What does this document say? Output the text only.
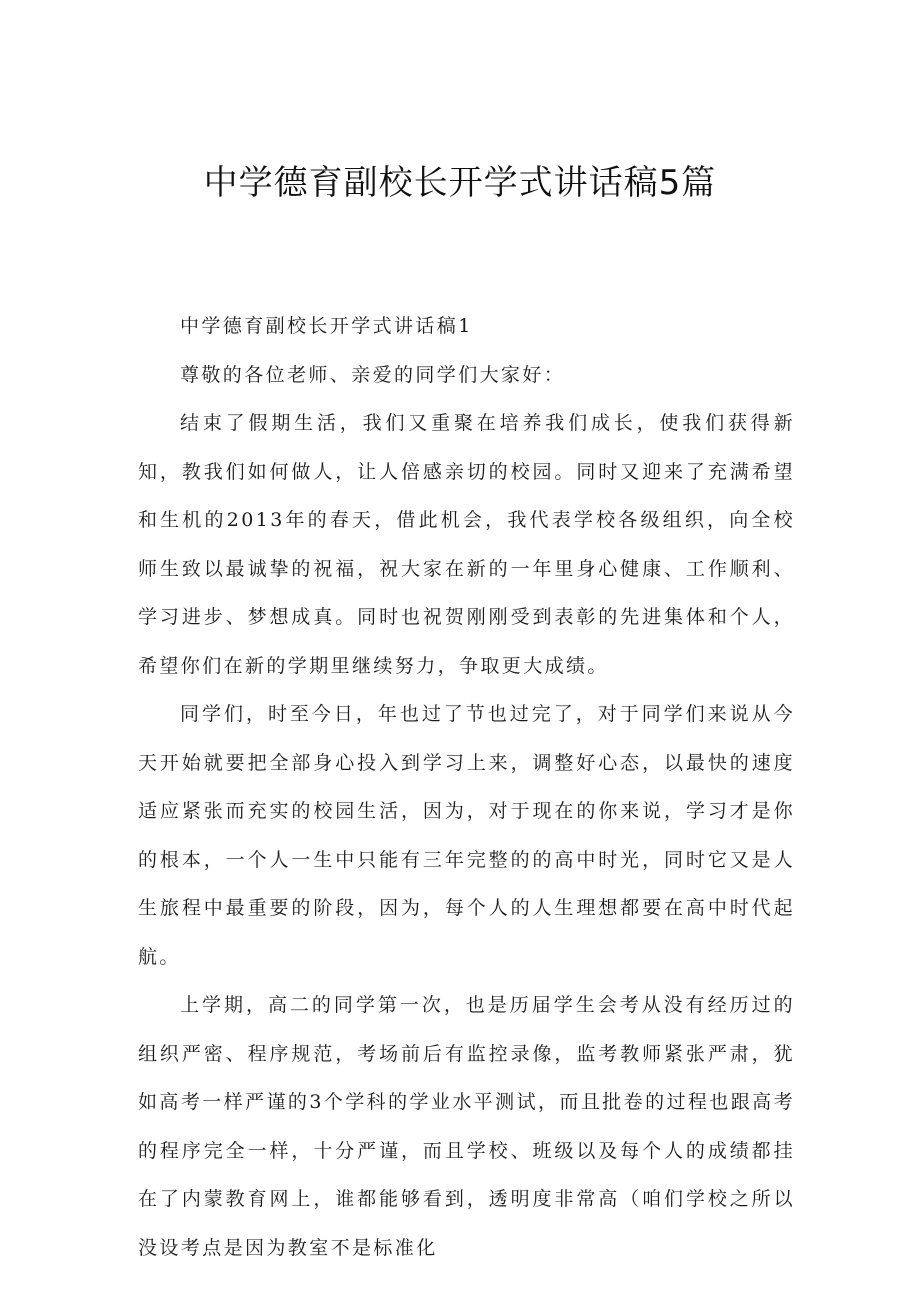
中学德育副校长开学式讲话稿5篇

中学德育副校长开学式讲话稿1

尊敬的各位老师、亲爱的同学们大家好：

结束了假期生活，我们又重聚在培养我们成长，使我们获得新知，教我们如何做人，让人倍感亲切的校园。同时又迎来了充满希望和生机的2013年的春天，借此机会，我代表学校各级组织，向全校师生致以最诚挚的祝福，祝大家在新的一年里身心健康、工作顺利、学习进步、梦想成真。同时也祝贺刚刚受到表彰的先进集体和个人，希望你们在新的学期里继续努力，争取更大成绩。

同学们，时至今日，年也过了节也过完了，对于同学们来说从今天开始就要把全部身心投入到学习上来，调整好心态，以最快的速度适应紧张而充实的校园生活，因为，对于现在的你来说，学习才是你的根本，一个人一生中只能有三年完整的的高中时光，同时它又是人生旅程中最重要的阶段，因为，每个人的人生理想都要在高中时代起航。

上学期，高二的同学第一次，也是历届学生会考从没有经历过的组织严密、程序规范，考场前后有监控录像，监考教师紧张严肃，犹如高考一样严谨的3个学科的学业水平测试，而且批卷的过程也跟高考的程序完全一样，十分严谨，而且学校、班级以及每个人的成绩都挂在了内蒙教育网上，谁都能够看到，透明度非常高（咱们学校之所以没设考点是因为教室不是标准化
